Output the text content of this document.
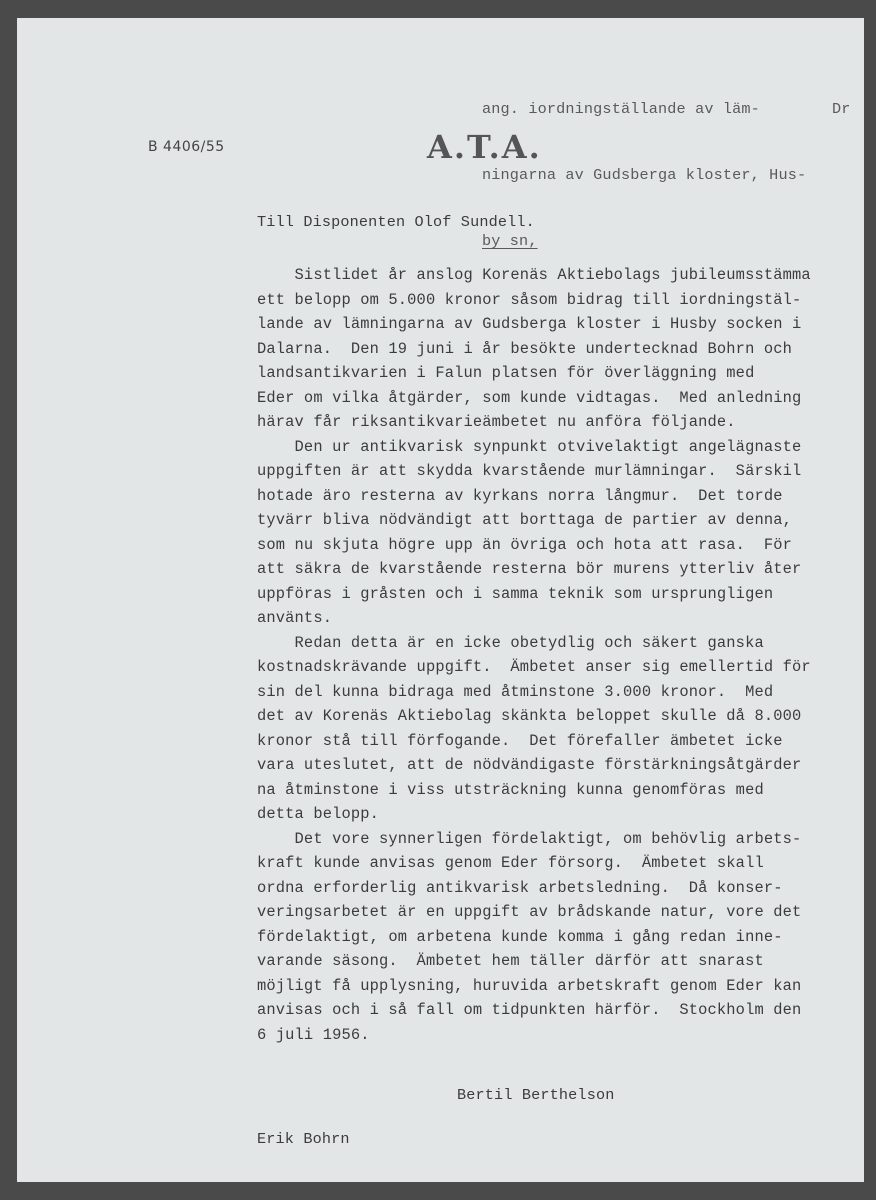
ang. iordningställande av läm-

ningarna av Gudsberga kloster, Hus-

by sn,

Dr
B 4406/55	A.T.A.
Till Disponenten Olof Sundell.
Sistlidet år anslog Korenäs Aktiebolags jubileumsstämma
ett belopp om 5.000 kronor såsom bidrag till iordningstäl-
lande av lämningarna av Gudsberga kloster i Husby socken i
Dalarna.  Den 19 juni i år besökte undertecknad Bohrn och
landsantikvarien i Falun platsen för överläggning med
Eder om vilka åtgärder, som kunde vidtagas.  Med anledning
härav får riksantikvarieämbetet nu anföra följande.
Den ur antikvarisk synpunkt otvivelaktigt angelägnaste
uppgiften är att skydda kvarstående murlämningar.  Särskil
hotade äro resterna av kyrkans norra långmur.  Det torde
tyvärr bliva nödvändigt att borttaga de partier av denna,
som nu skjuta högre upp än övriga och hota att rasa.  För
att säkra de kvarstående resterna bör murens ytterliv åter
uppföras i gråsten och i samma teknik som ursprungligen
använts.
Redan detta är en icke obetydlig och säkert ganska
kostnadskrävande uppgift.  Ämbetet anser sig emellertid för
sin del kunna bidraga med åtminstone 3.000 kronor.  Med
det av Korenäs Aktiebolag skänkta beloppet skulle då 8.000
kronor stå till förfogande.  Det förefaller ämbetet icke
vara uteslutet, att de nödvändigaste förstärkningsåtgärder
na åtminstone i viss utsträckning kunna genomföras med
detta belopp.
Det vore synnerligen fördelaktigt, om behövlig arbets-
kraft kunde anvisas genom Eder försorg.  Ämbetet skall
ordna erforderlig antikvarisk arbetsledning.  Då konser-
veringsarbetet är en uppgift av brådskande natur, vore det
fördelaktigt, om arbetena kunde komma i gång redan inne-
varande säsong.  Ämbetet hem täller därför att snarast
möjligt få upplysning, huruvida arbetskraft genom Eder kan
anvisas och i så fall om tidpunkten härför.  Stockholm den
6 juli 1956.
Bertil Berthelson
Erik Bohrn
